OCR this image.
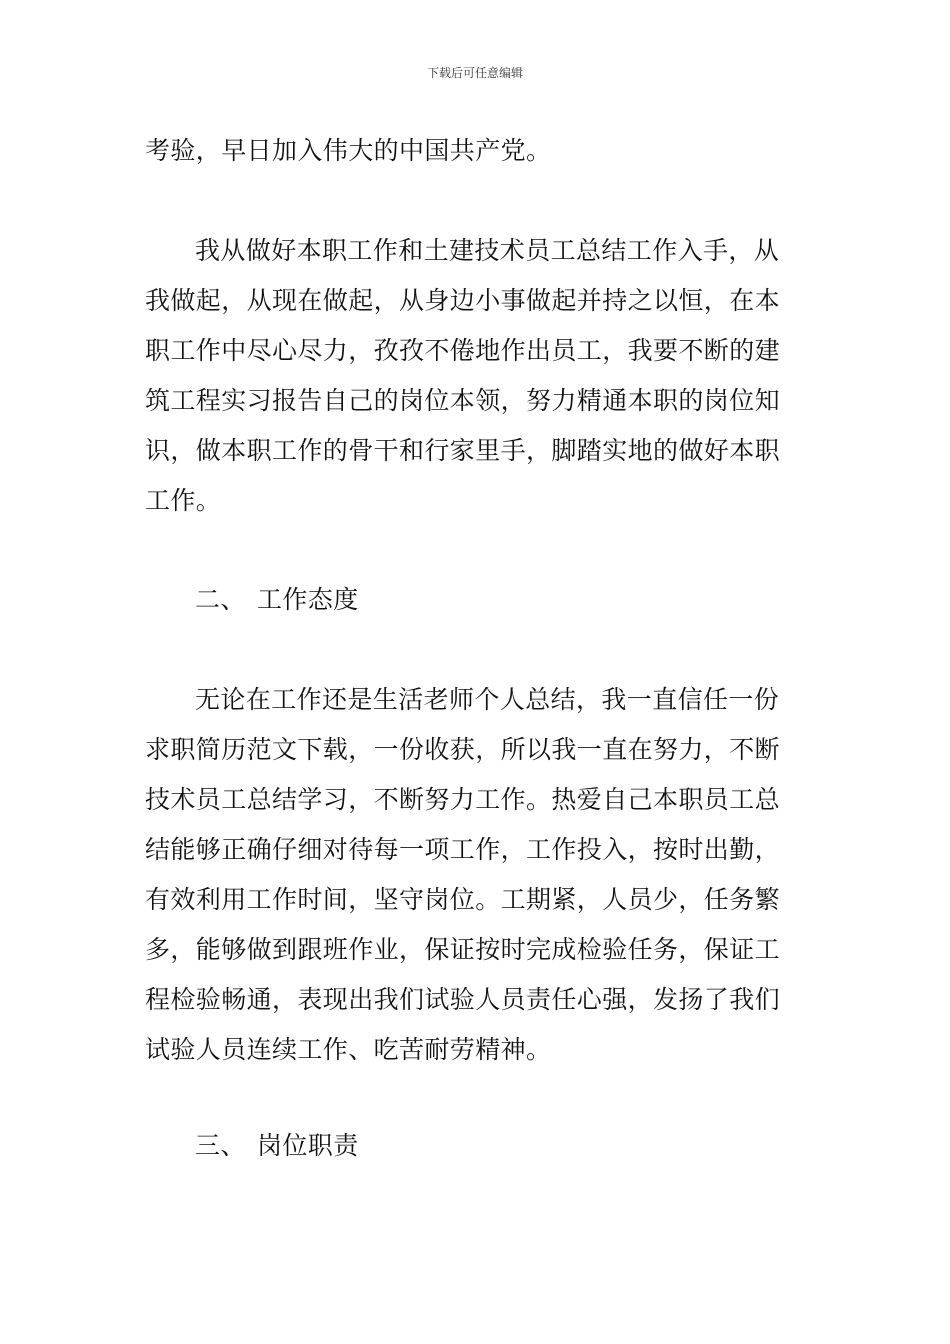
下载后可任意编辑
考验，早日加入伟大的中国共产党。
我从做好本职工作和土建技术员工总结工作入手，从
我做起，从现在做起，从身边小事做起并持之以恒，在本
职工作中尽心尽力，孜孜不倦地作出员工，我要不断的建
筑工程实习报告自己的岗位本领，努力精通本职的岗位知
识，做本职工作的骨干和行家里手，脚踏实地的做好本职
工作。
二、 工作态度
无论在工作还是生活老师个人总结，我一直信任一份
求职简历范文下载，一份收获，所以我一直在努力，不断
技术员工总结学习，不断努力工作。热爱自己本职员工总
结能够正确仔细对待每一项工作，工作投入，按时出勤，
有效利用工作时间，坚守岗位。工期紧，人员少，任务繁
多，能够做到跟班作业，保证按时完成检验任务，保证工
程检验畅通，表现出我们试验人员责任心强，发扬了我们
试验人员连续工作、吃苦耐劳精神。
三、 岗位职责
